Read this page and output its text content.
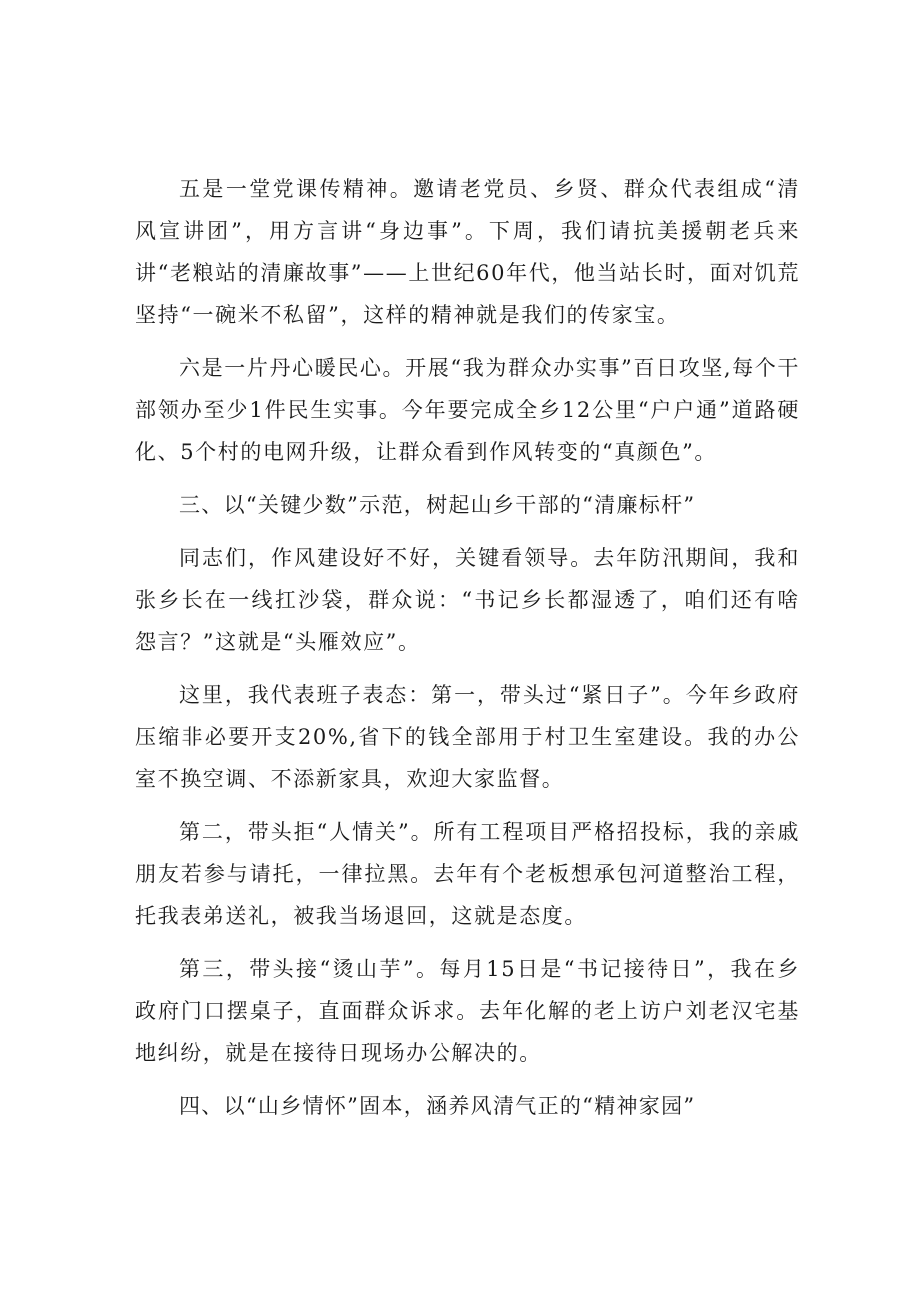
五是一堂党课传精神。邀请老党员、乡贤、群众代表组成“清风宣讲团”，用方言讲“身边事”。下周，我们请抗美援朝老兵来讲“老粮站的清廉故事”——上世纪60年代，他当站长时，面对饥荒坚持“一碗米不私留”，这样的精神就是我们的传家宝。

六是一片丹心暖民心。开展“我为群众办实事”百日攻坚,每个干部领办至少1件民生实事。今年要完成全乡12公里“户户通”道路硬化、5个村的电网升级，让群众看到作风转变的“真颜色”。

三、以“关键少数”示范，树起山乡干部的“清廉标杆”

同志们，作风建设好不好，关键看领导。去年防汛期间，我和张乡长在一线扛沙袋，群众说：“书记乡长都湿透了，咱们还有啥怨言？”这就是“头雁效应”。

这里，我代表班子表态：第一，带头过“紧日子”。今年乡政府压缩非必要开支20%,省下的钱全部用于村卫生室建设。我的办公室不换空调、不添新家具，欢迎大家监督。

第二，带头拒“人情关”。所有工程项目严格招投标，我的亲戚朋友若参与请托，一律拉黑。去年有个老板想承包河道整治工程，托我表弟送礼，被我当场退回，这就是态度。

第三，带头接“烫山芋”。每月15日是“书记接待日”，我在乡政府门口摆桌子，直面群众诉求。去年化解的老上访户刘老汉宅基地纠纷，就是在接待日现场办公解决的。

四、以“山乡情怀”固本，涵养风清气正的“精神家园”
